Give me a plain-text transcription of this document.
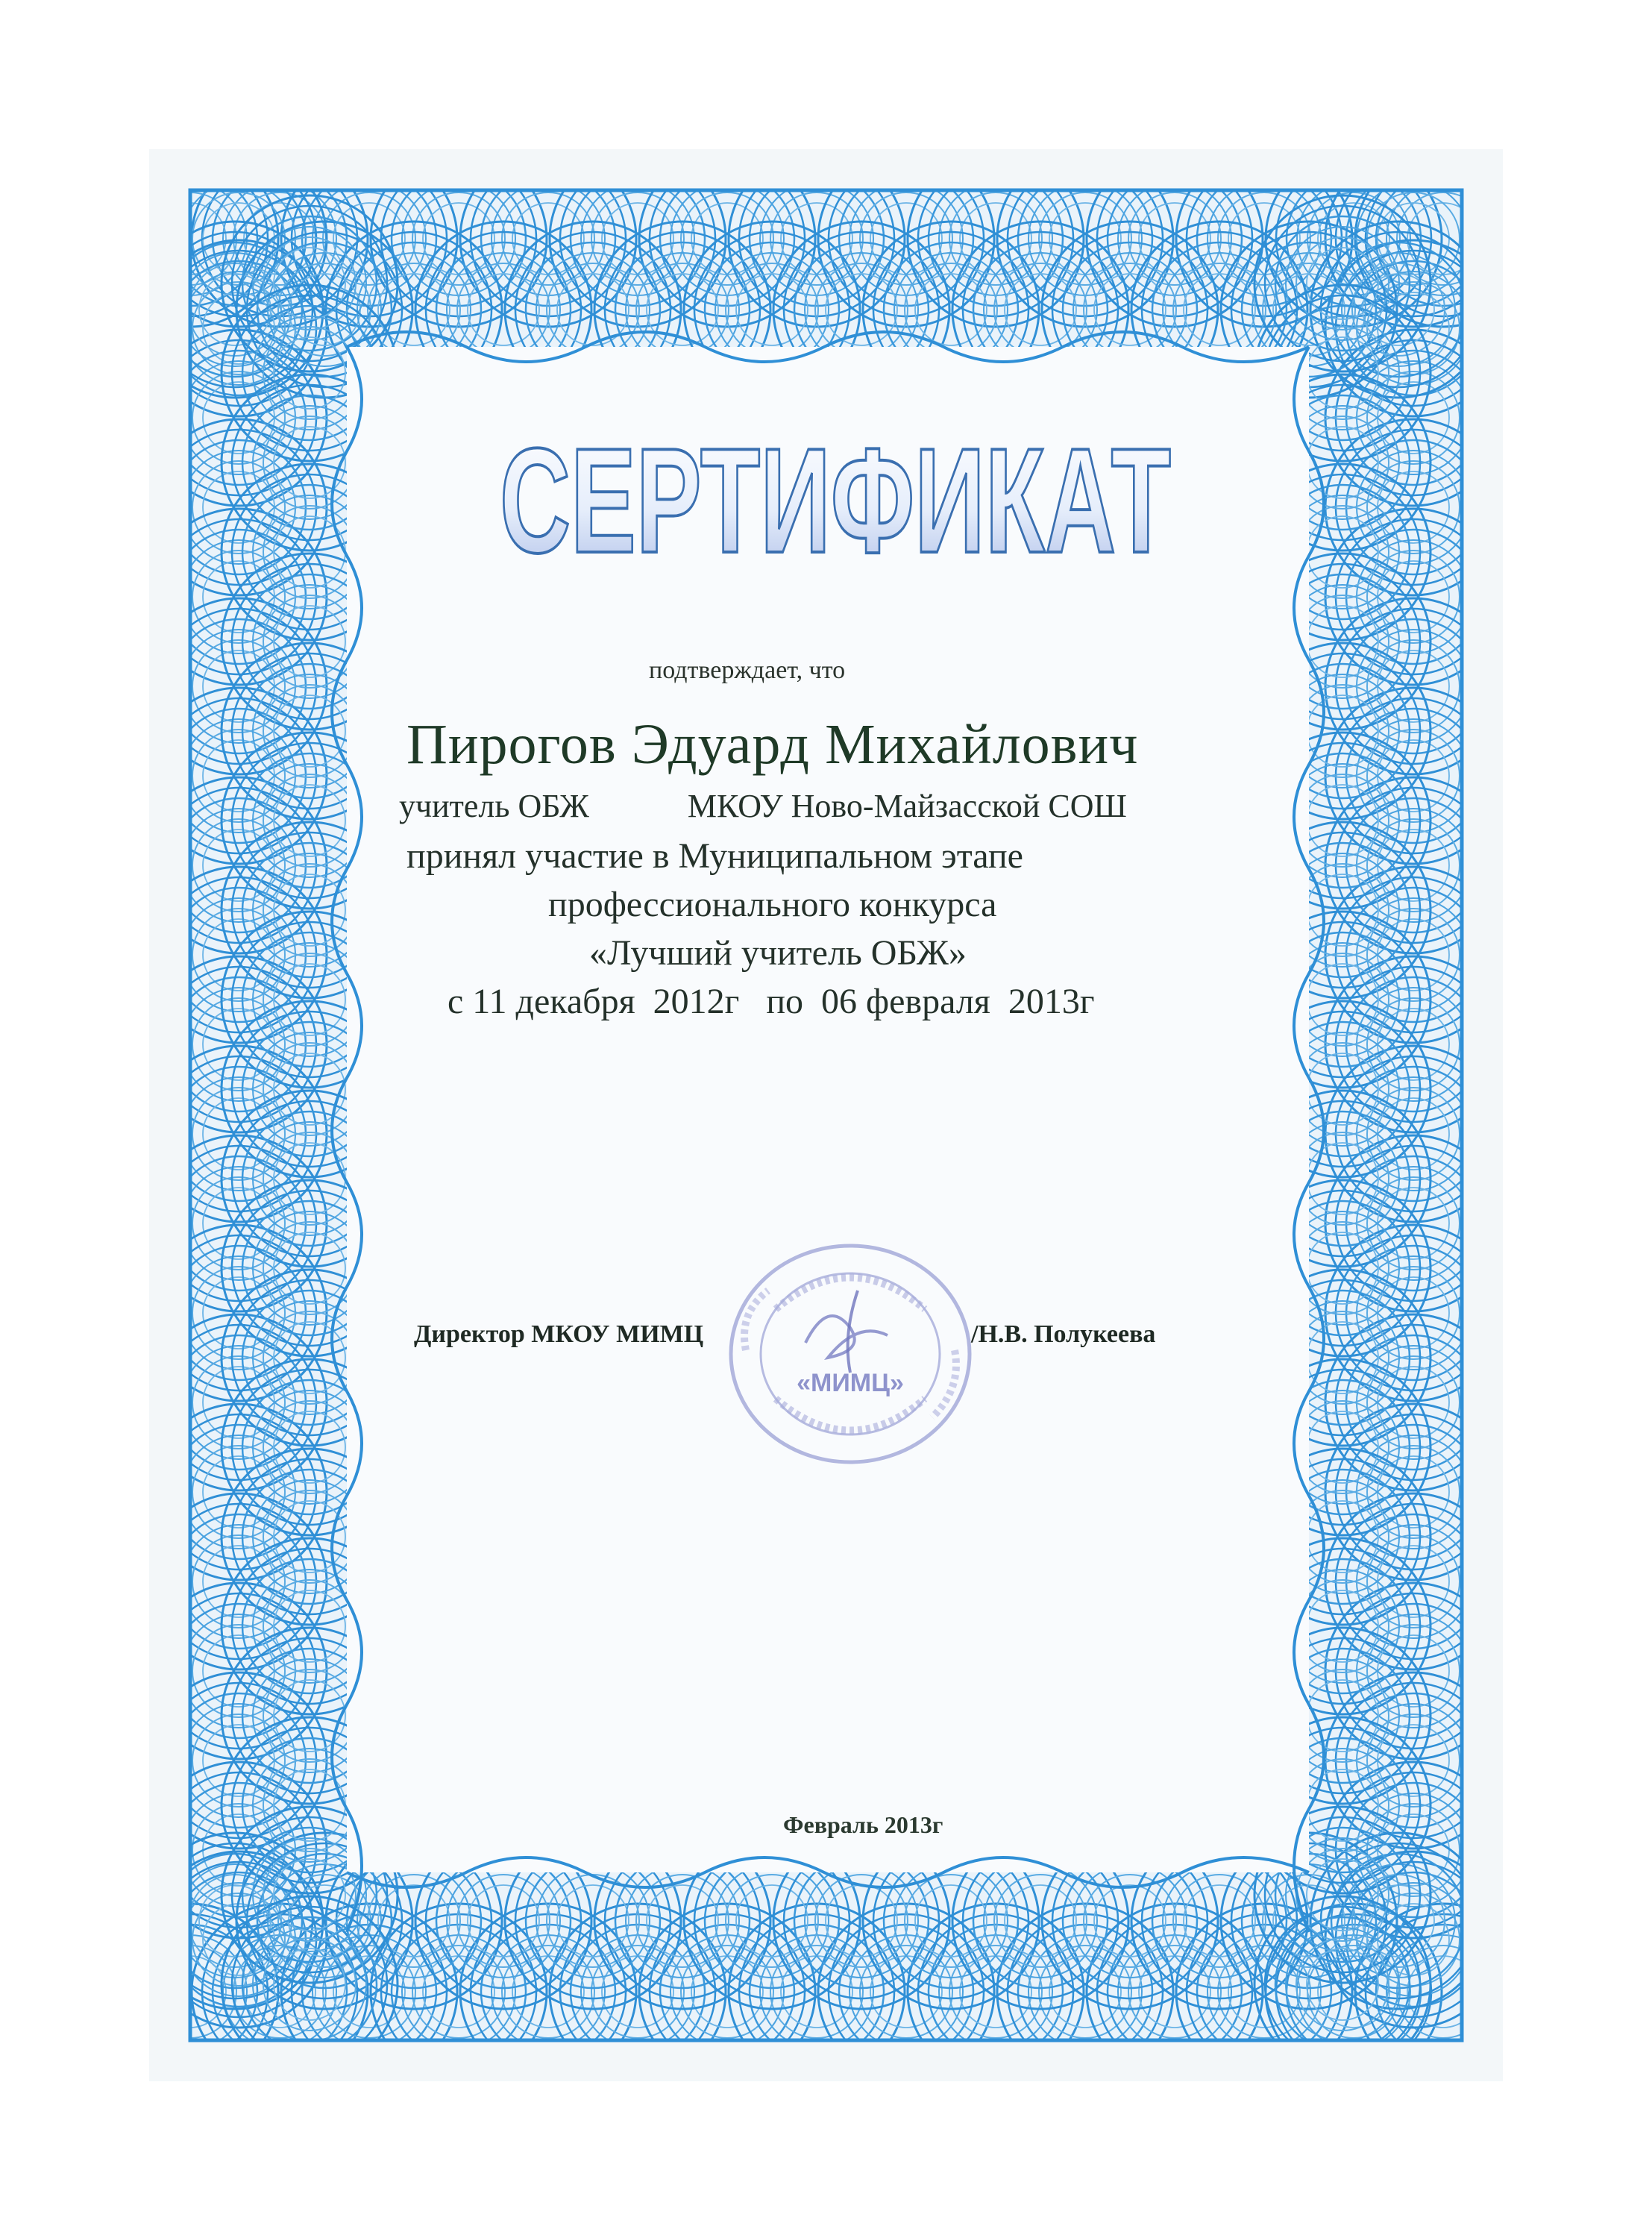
СЕРТИФИКАТ
подтверждает, что
Пирогов Эдуард Михайлович
учитель ОБЖ	МКОУ Ново-Майзасской СОШ
принял участие в Муниципальном этапе
профессионального конкурса
«Лучший учитель ОБЖ»
с 11 декабря  2012г   по  06 февраля  2013г
Директор МКОУ МИМЦ
«МИМЦ»
/Н.В. Полукеева
Февраль 2013г
